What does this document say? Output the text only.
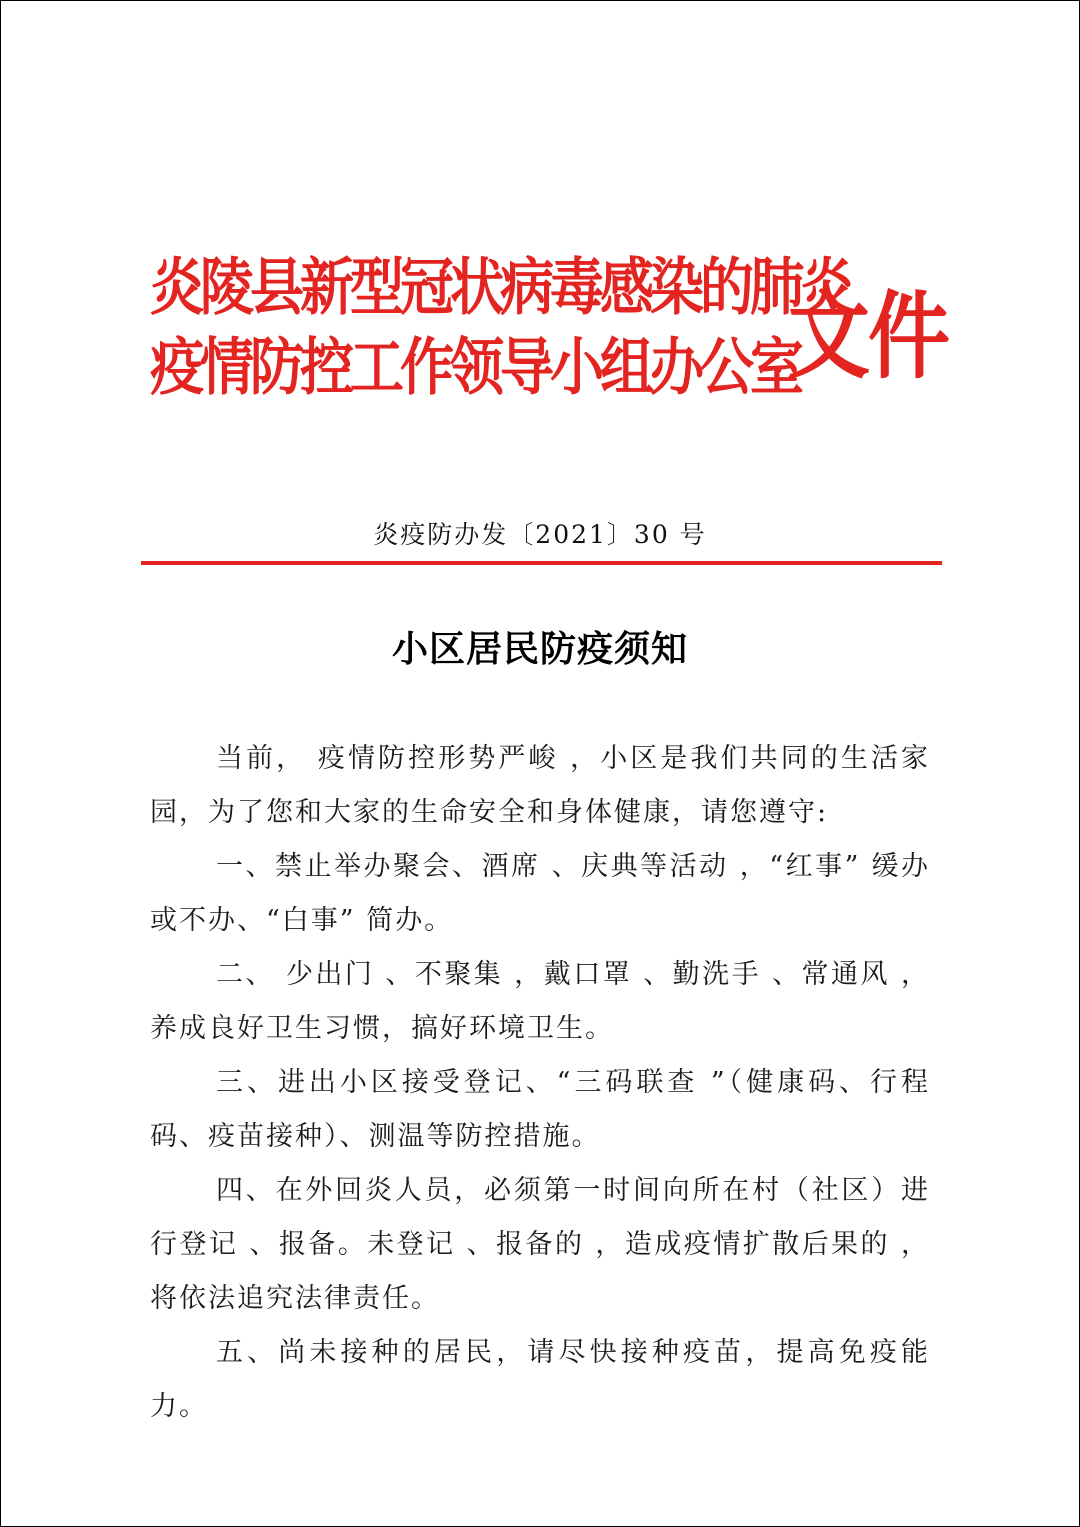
炎陵县新型冠状病毒感染的肺炎
疫情防控工作领导小组办公室
文件
炎疫防办发〔2021〕30 号
小区居民防疫须知

当前， 疫情防控形势严峻 ，小区是我们共同的生活家园，为了您和大家的生命安全和身体健康，请您遵守:

一、禁止举办聚会、酒席 、庆典等活动 ，“红事” 缓办或不办、“白事” 简办。

二、 少出门 、不聚集 ，戴口罩 、勤洗手 、常通风 ，养成良好卫生习惯，搞好环境卫生。

三、进出小区接受登记、“三码联查 ”（健康码、行程码、疫苗接种）、测温等防控措施。

四、在外回炎人员，必须第一时间向所在村（社区）进行登记 、报备。未登记 、报备的 ，造成疫情扩散后果的 ，将依法追究法律责任。

五、尚未接种的居民，请尽快接种疫苗，提高免疫能力。
